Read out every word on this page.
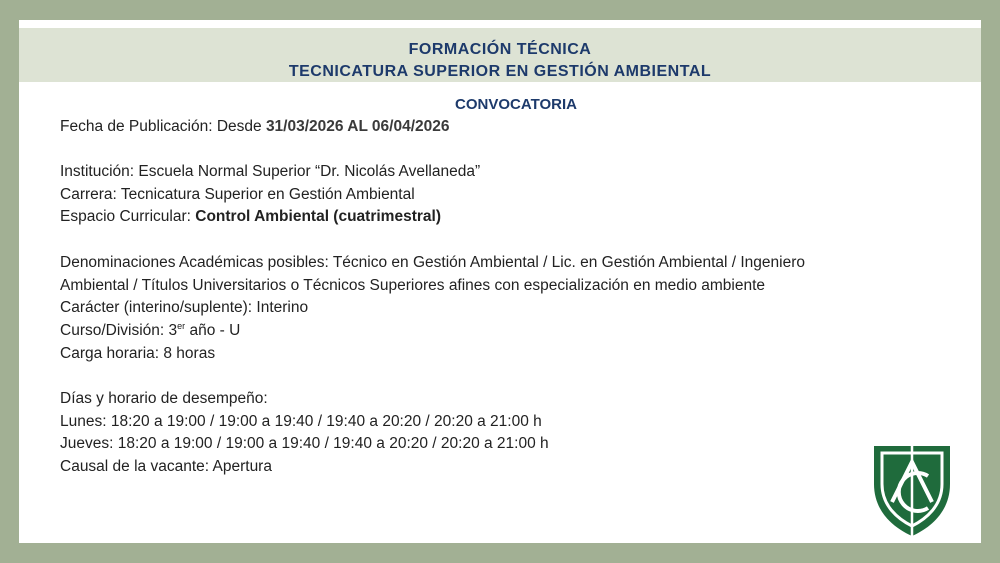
FORMACIÓN TÉCNICA

TECNICATURA SUPERIOR EN GESTIÓN AMBIENTAL

CONVOCATORIA

Fecha de Publicación: Desde 31/03/2026 AL 06/04/2026

Institución: Escuela Normal Superior “Dr. Nicolás Avellaneda”

Carrera: Tecnicatura Superior en Gestión Ambiental

Espacio Curricular: Control Ambiental (cuatrimestral)

Denominaciones Académicas posibles: Técnico en Gestión Ambiental / Lic. en Gestión Ambiental / Ingeniero

Ambiental / Títulos Universitarios o Técnicos Superiores afines con especialización en medio ambiente

Carácter (interino/suplente): Interino

Curso/División: 3er año - U

Carga horaria: 8 horas

Días y horario de desempeño:

Lunes: 18:20 a 19:00 / 19:00 a 19:40 / 19:40 a 20:20 / 20:20 a 21:00 h

Jueves: 18:20 a 19:00 / 19:00 a 19:40 / 19:40 a 20:20 / 20:20 a 21:00 h

Causal de la vacante: Apertura
